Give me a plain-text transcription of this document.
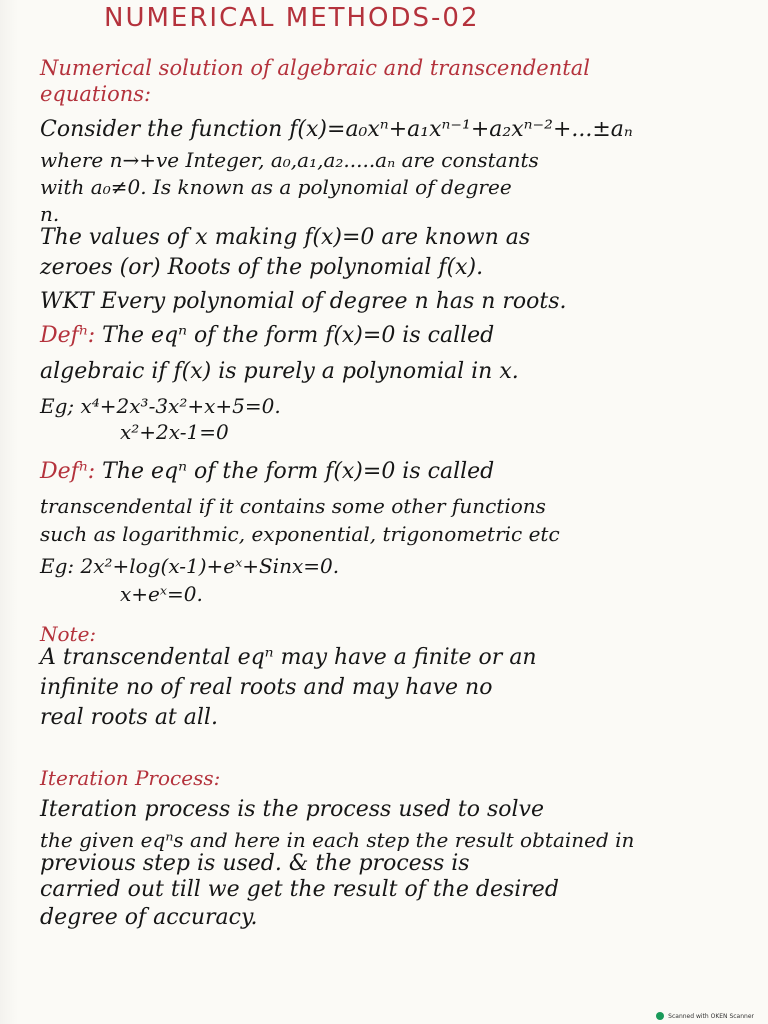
NUMERICAL METHODS-02
Numerical solution of algebraic and transcendental
equations:
Consider the function f(x)=a₀xⁿ+a₁xⁿ⁻¹+a₂xⁿ⁻²+...±aₙ
where n→+ve Integer, a₀,a₁,a₂.....aₙ are constants
with a₀≠0. Is known as a polynomial of degree
n.
The values of x making f(x)=0 are known as
zeroes (or) Roots of the polynomial f(x).
WKT Every polynomial of degree n has n roots.
Defⁿ: The eqⁿ of the form f(x)=0 is called
algebraic if f(x) is purely a polynomial in x.
Eg; x⁴+2x³-3x²+x+5=0.
x²+2x-1=0
Defⁿ: The eqⁿ of the form f(x)=0 is called
transcendental if it contains some other functions
such as logarithmic, exponential, trigonometric etc
Eg: 2x²+log(x-1)+eˣ+Sinx=0.
x+eˣ=0.
Note:
A transcendental eqⁿ may have a finite or an
infinite no of real roots and may have no
real roots at all.
Iteration Process:
Iteration process is the process used to solve
the given eqⁿs and here in each step the result obtained in
previous step is used. & the process is
carried out till we get the result of the desired
degree of accuracy.
Scanned with OKEN Scanner
